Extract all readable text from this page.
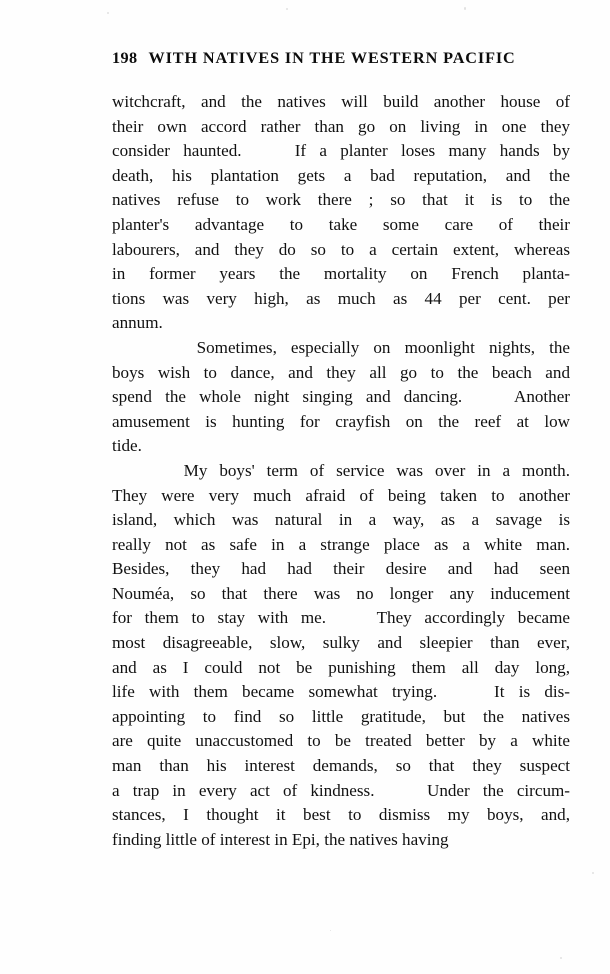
198 WITH NATIVES IN THE WESTERN PACIFIC
witchcraft, and the natives will build another house of
their own accord rather than go on living in one they
consider haunted.    If a planter loses many hands by
death, his plantation gets a bad reputation, and the
natives refuse to work there ; so that it is to the
planter's advantage to take some care of their
labourers, and they do so to a certain extent, whereas
in former years the mortality on French planta-
tions was very high, as much as 44 per cent. per
annum.
Sometimes, especially on moonlight nights, the
boys wish to dance, and they all go to the beach and
spend the whole night singing and dancing.    Another
amusement is hunting for crayfish on the reef at low
tide.
My boys' term of service was over in a month.
They were very much afraid of being taken to another
island, which was natural in a way, as a savage is
really not as safe in a strange place as a white man.
Besides, they had had their desire and had seen
Nouméa, so that there was no longer any inducement
for them to stay with me.    They accordingly became
most disagreeable, slow, sulky and sleepier than ever,
and as I could not be punishing them all day long,
life with them became somewhat trying.    It is dis-
appointing to find so little gratitude, but the natives
are quite unaccustomed to be treated better by a white
man than his interest demands, so that they suspect
a trap in every act of kindness.    Under the circum-
stances, I thought it best to dismiss my boys, and,
finding little of interest in Epi, the natives having
